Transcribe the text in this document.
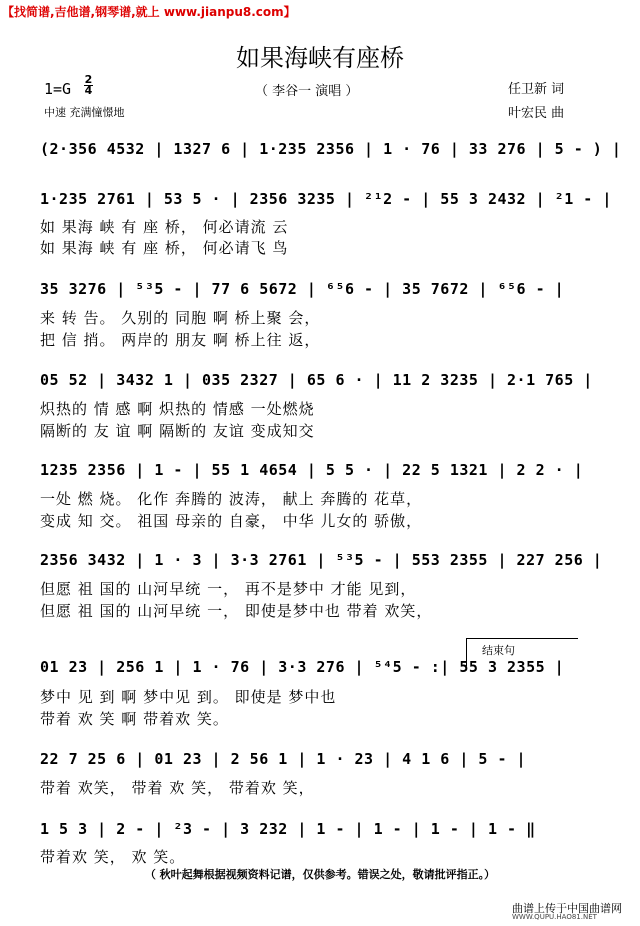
【找简谱,吉他谱,钢琴谱,就上 www.jianpu8.com】
如果海峡有座桥
1=G
2
4	（ 李谷一 演唱 ）
中速 充满憧憬地
任卫新 词
叶宏民 曲
(2·356 4532 | 1327 6 | 1·235 2356 | 1 · 76 | 33 276 | 5 - ) |
1·235 2761 | 53 5 · | 2356 3235 | ²¹2 - | 55 3 2432 | ²1 - |
如 果海 峡 有 座 桥， 何必请流 云
如 果海 峡 有 座 桥， 何必请飞 鸟
35 3276 | ⁵³5 - | 77 6 5672 | ⁶⁵6 - | 35 7672 | ⁶⁵6 - |
来 转 告。 久别的 同胞 啊 桥上聚 会，
把 信 捎。 两岸的 朋友 啊 桥上往 返，
05 52 | 3432 1 | 035 2327 | 65 6 · | 11 2 3235 | 2·1 765 |
炽热的 情 感 啊 炽热的 情感 一处燃烧
隔断的 友 谊 啊 隔断的 友谊 变成知交
1235 2356 | 1 - | 55 1 4654 | 5 5 · | 22 5 1321 | 2 2 · |
一处 燃 烧。 化作 奔腾的 波涛， 献上 奔腾的 花草，
变成 知 交。 祖国 母亲的 自豪， 中华 儿女的 骄傲，
2356 3432 | 1 · 3 | 3·3 2761 | ⁵³5 - | 553 2355 | 227 256 |
但愿 祖 国的 山河早统 一， 再不是梦中 才能 见到，
但愿 祖 国的 山河早统 一， 即使是梦中也 带着 欢笑，
结束句
01 23 | 256 1 | 1 · 76 | 3·3 276 | ⁵⁴5 - :| 55 3 2355 |
梦中 见 到 啊 梦中见 到。 即使是 梦中也
带着 欢 笑 啊 带着欢 笑。
22 7 25 6 | 01 23 | 2 56 1 | 1 · 23 | 4 1 6 | 5 - |
带着 欢笑， 带着 欢 笑， 带着欢 笑，
1 5 3 | 2 - | ²3 - | 3 232 | 1 - | 1 - | 1 - | 1 - ‖
带着欢 笑， 欢 笑。
（ 秋叶起舞根据视频资料记谱，仅供参考。错误之处，敬请批评指正。）
曲谱上传于中国曲谱网
WWW.QUPU.HAO81.NET
